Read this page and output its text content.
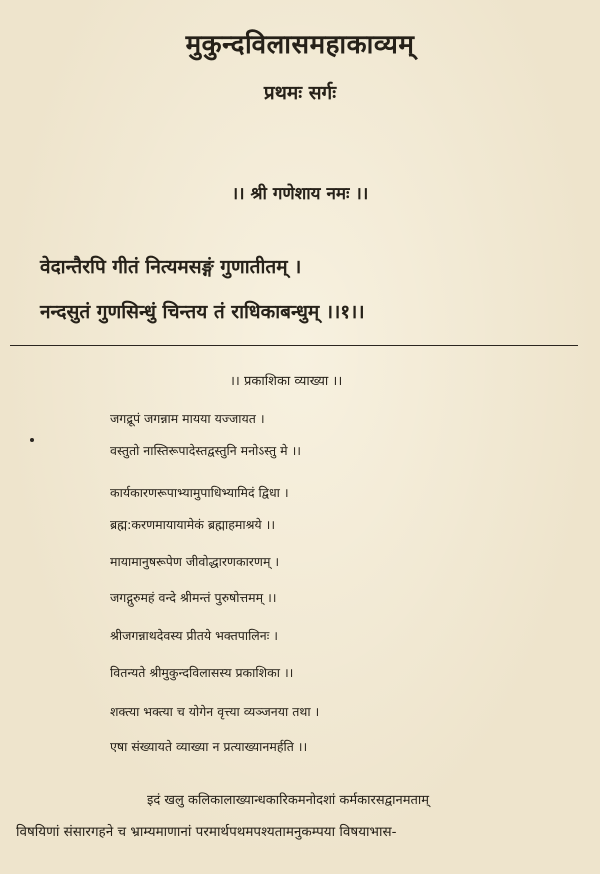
मुकुन्दविलासमहाकाव्यम्
प्रथमः सर्गः
।। श्री गणेशाय नमः ।।
वेदान्तैरपि गीतं नित्यमसङ्गं गुणातीतम् ।
नन्दसुतं गुणसिन्धुं चिन्तय तं राधिकाबन्धुम् ।।१।।
।। प्रकाशिका व्याख्या ।।
जगद्रूपं जगन्नाम मायया यज्जायत ।
वस्तुतो नास्तिरूपादेस्तद्वस्तुनि मनोऽस्तु मे ।।
कार्यकारणरूपाभ्यामुपाधिभ्यामिदं द्विधा ।
ब्रह्म:करणमायायामेकं ब्रह्माहमाश्रये ।।
मायामानुषरूपेण जीवोद्धारणकारणम् ।
जगद्गुरुमहं वन्दे श्रीमन्तं पुरुषोत्तमम् ।।
श्रीजगन्नाथदेवस्य प्रीतये भक्तपालिनः ।
वितन्यते श्रीमुकुन्दविलासस्य प्रकाशिका ।।
शक्त्या भक्त्या च योगेन वृत्त्या व्यञ्जनया तथा ।
एषा संख्यायते व्याख्या न प्रत्याख्यानमर्हति ।।
इदं खलु कलिकालाख्यान्धकारिकमनोदशां कर्मकारसद्वानमताम्
विषयिणां संसारगहने च भ्राम्यमाणानां परमार्थपथमपश्यतामनुकम्पया विषयाभास-
